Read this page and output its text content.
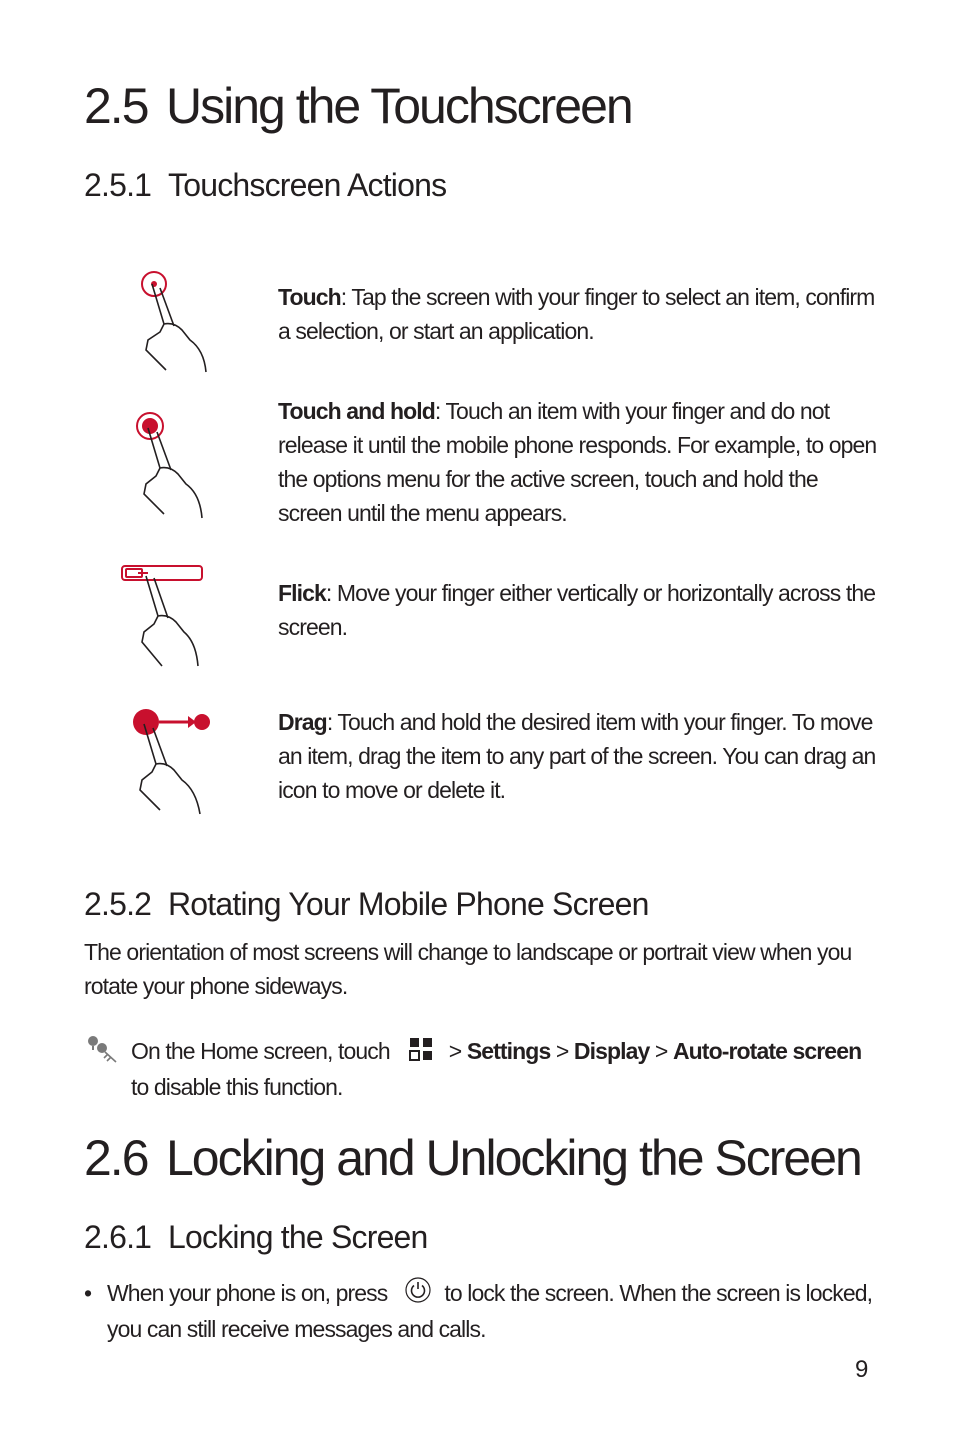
2.5 Using the Touchscreen
2.5.1 Touchscreen Actions
Touch: Tap the screen with your finger to select an item, confirm a selection, or start an application.
Touch and hold: Touch an item with your finger and do not release it until the mobile phone responds. For example, to open the options menu for the active screen, touch and hold the screen until the menu appears.
Flick: Move your finger either vertically or horizontally across the screen.
Drag: Touch and hold the desired item with your finger. To move an item, drag the item to any part of the screen. You can drag an icon to move or delete it.
2.5.2 Rotating Your Mobile Phone Screen
The orientation of most screens will change to landscape or portrait view when you rotate your phone sideways.
On the Home screen, touch	> Settings > Display > Auto-rotate screen to disable this function.
2.6 Locking and Unlocking the Screen
2.6.1 Locking the Screen
• When your phone is on, press to lock the screen. When the screen is locked, you can still receive messages and calls.
9
